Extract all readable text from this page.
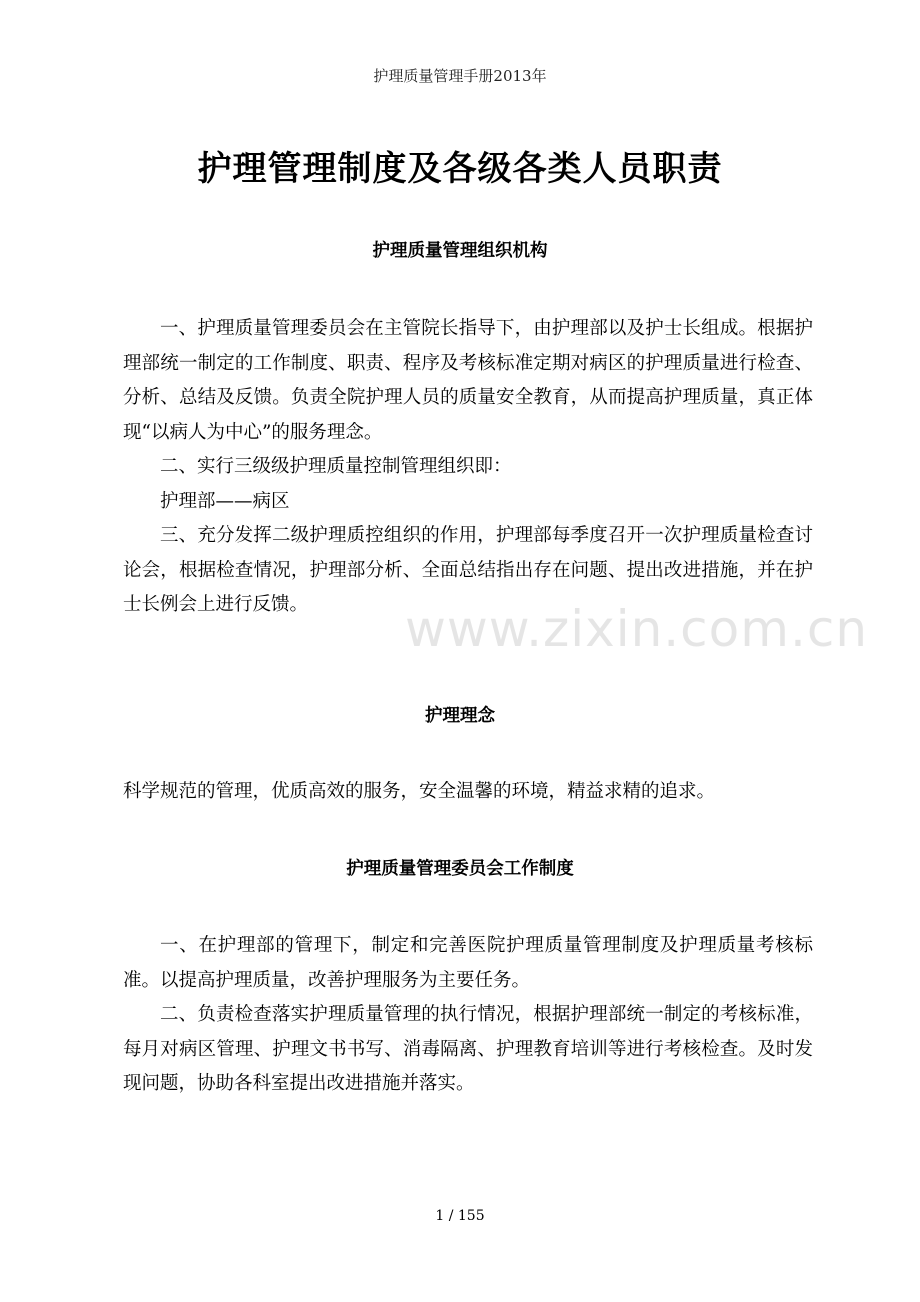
护理质量管理手册2013年
护理管理制度及各级各类人员职责
护理质量管理组织机构

一、护理质量管理委员会在主管院长指导下，由护理部以及护士长组成。根据护理部统一制定的工作制度、职责、程序及考核标准定期对病区的护理质量进行检查、分析、总结及反馈。负责全院护理人员的质量安全教育，从而提高护理质量，真正体现“以病人为中心”的服务理念。

二、实行三级级护理质量控制管理组织即：

护理部——病区

三、充分发挥二级护理质控组织的作用，护理部每季度召开一次护理质量检查讨论会，根据检查情况，护理部分析、全面总结指出存在问题、提出改进措施，并在护士长例会上进行反馈。

护理理念

科学规范的管理，优质高效的服务，安全温馨的环境，精益求精的追求。

护理质量管理委员会工作制度

一、在护理部的管理下，制定和完善医院护理质量管理制度及护理质量考核标准。以提高护理质量，改善护理服务为主要任务。

二、负责检查落实护理质量管理的执行情况，根据护理部统一制定的考核标准，每月对病区管理、护理文书书写、消毒隔离、护理教育培训等进行考核检查。及时发现问题，协助各科室提出改进措施并落实。

www.zixin.com.cn
1 / 155
